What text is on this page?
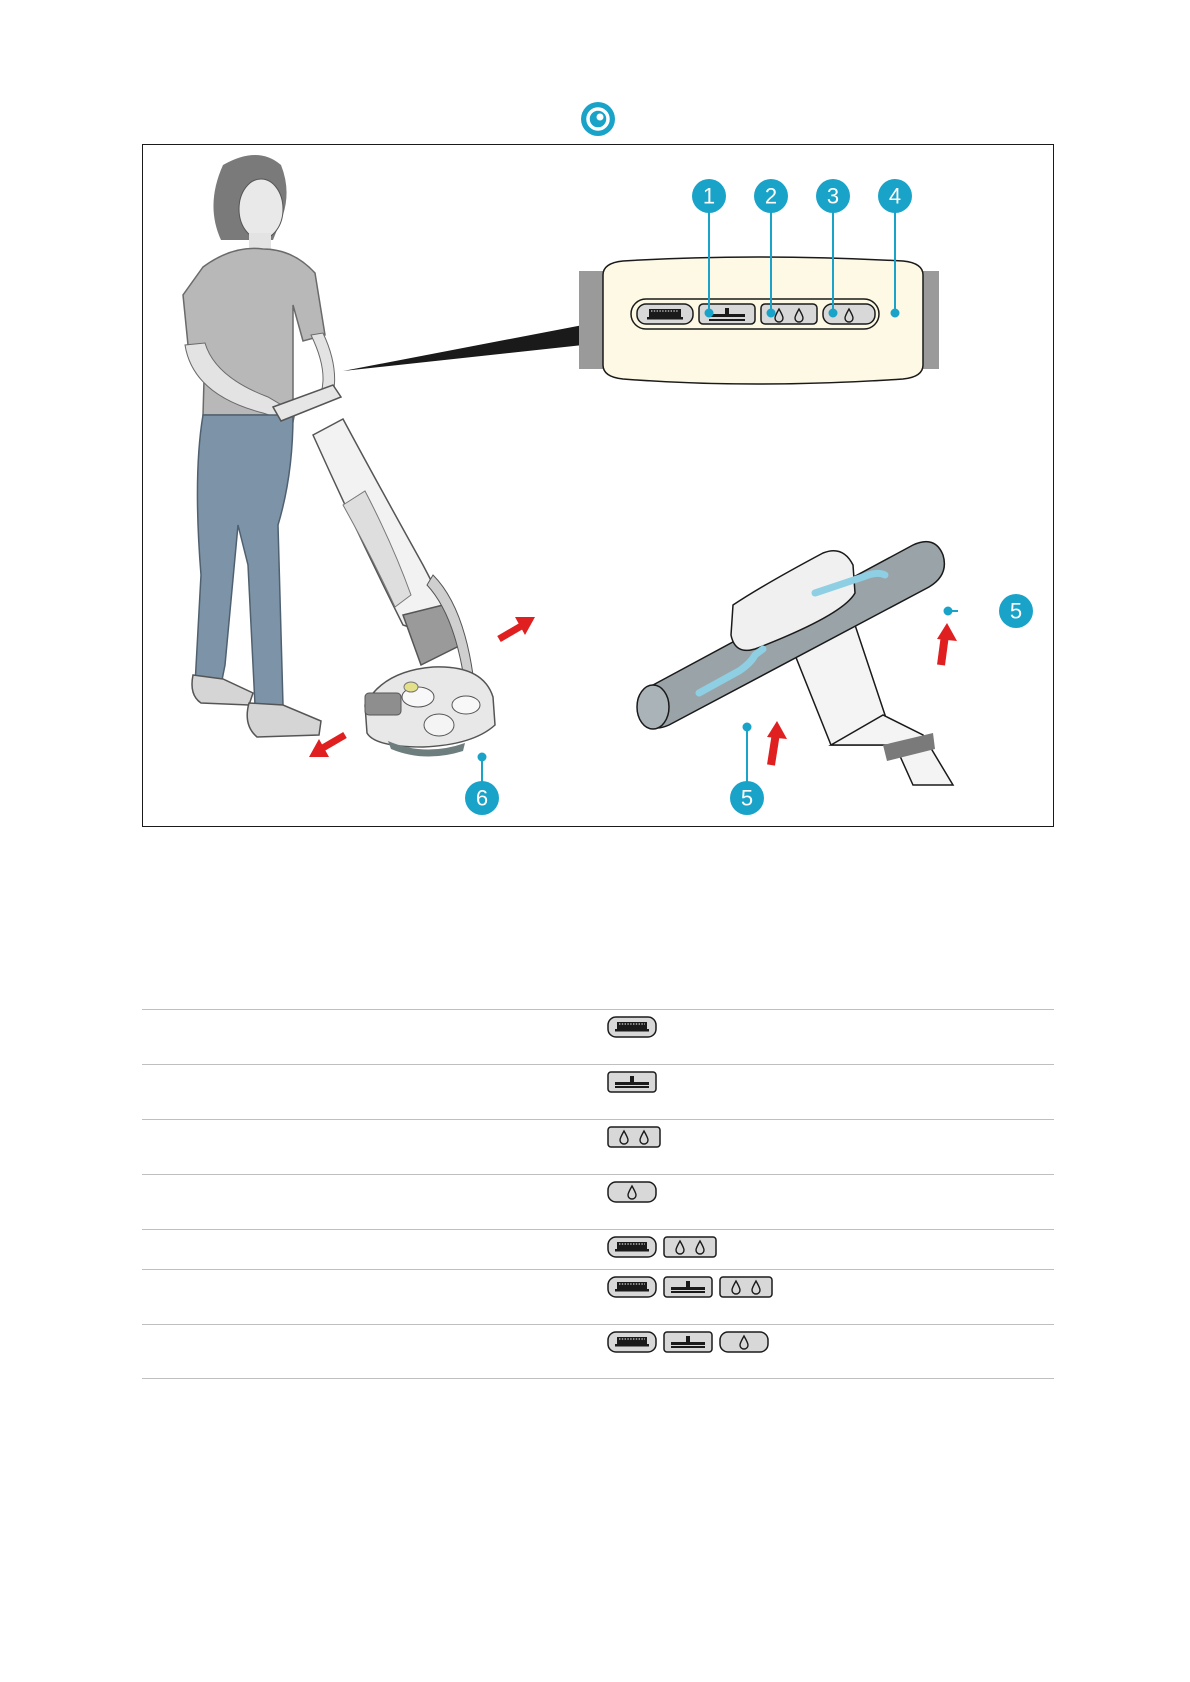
1 2 3 4
5
5
6
